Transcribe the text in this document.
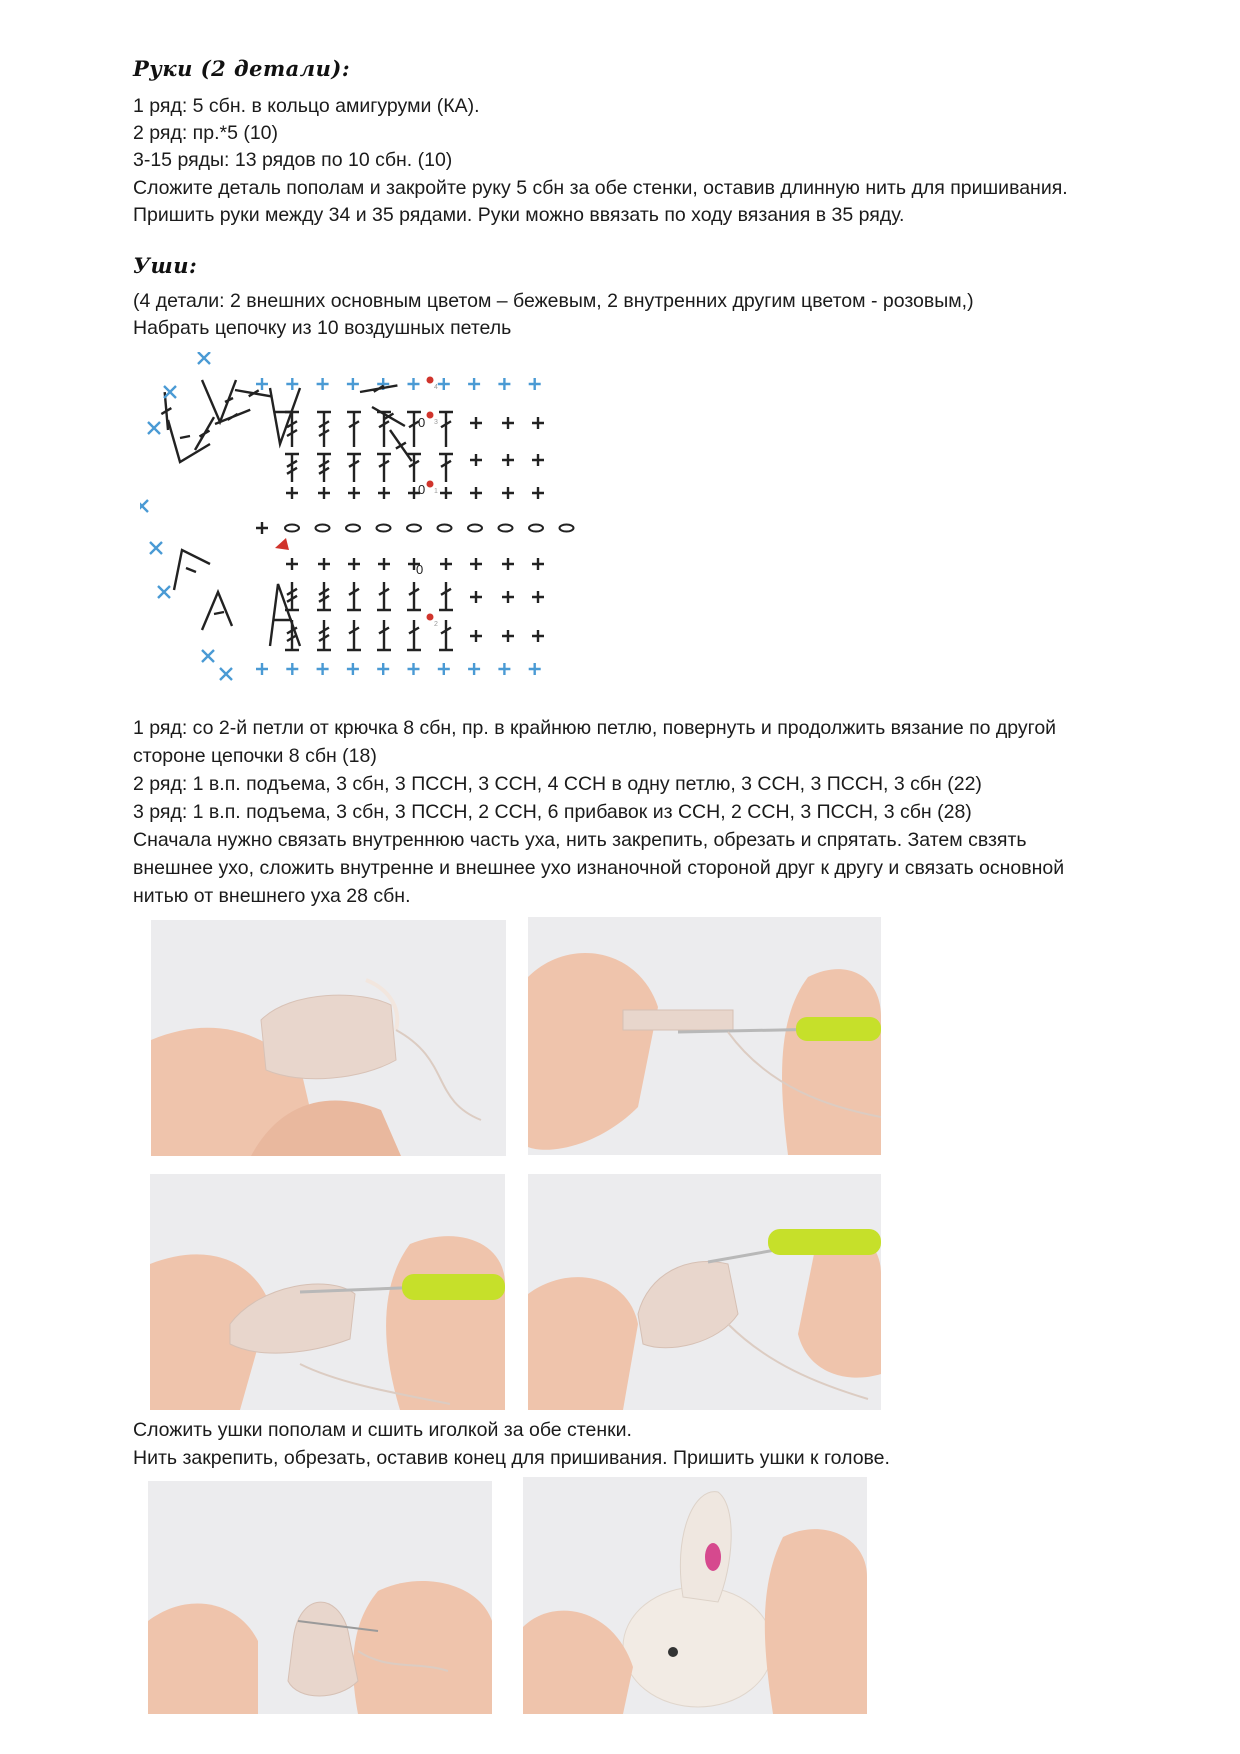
Руки (2 детали):
1 ряд: 5 сбн. в кольцо амигуруми (КА).
2 ряд: пр.*5 (10)
3-15 ряды: 13 рядов по 10 сбн. (10)
Сложите деталь пополам и закройте руку 5 сбн за обе стенки, оставив длинную нить для пришивания.
Пришить руки между 34 и 35 рядами. Руки можно ввязать по ходу вязания в 35 ряду.
Уши:
(4 детали: 2 внешних основным цветом – бежевым, 2 внутренних другим цветом - розовым,)
Набрать цепочку из 10 воздушных петель
0
0
0
4
3
1
2
1 ряд: со 2-й петли от крючка 8 сбн, пр. в крайнюю петлю, повернуть и продолжить вязание по другой
стороне цепочки 8 сбн (18)
2 ряд: 1 в.п. подъема, 3 сбн, 3 ПССН, 3 ССН, 4 ССН в одну петлю, 3 ССН, 3 ПССН, 3 сбн (22)
3 ряд: 1 в.п. подъема, 3 сбн, 3 ПССН, 2 ССН, 6 прибавок из ССН, 2 ССН, 3 ПССН, 3 сбн (28)
Сначала нужно связать внутреннюю часть уха, нить закрепить, обрезать и спрятать. Затем свзять
внешнее ухо, сложить внутренне и внешнее ухо изнаночной стороной друг к другу и связать основной
нитью от внешнего уха 28 сбн.
Сложить ушки пополам и сшить иголкой за обе стенки.
Нить закрепить, обрезать, оставив конец для пришивания. Пришить ушки к голове.
